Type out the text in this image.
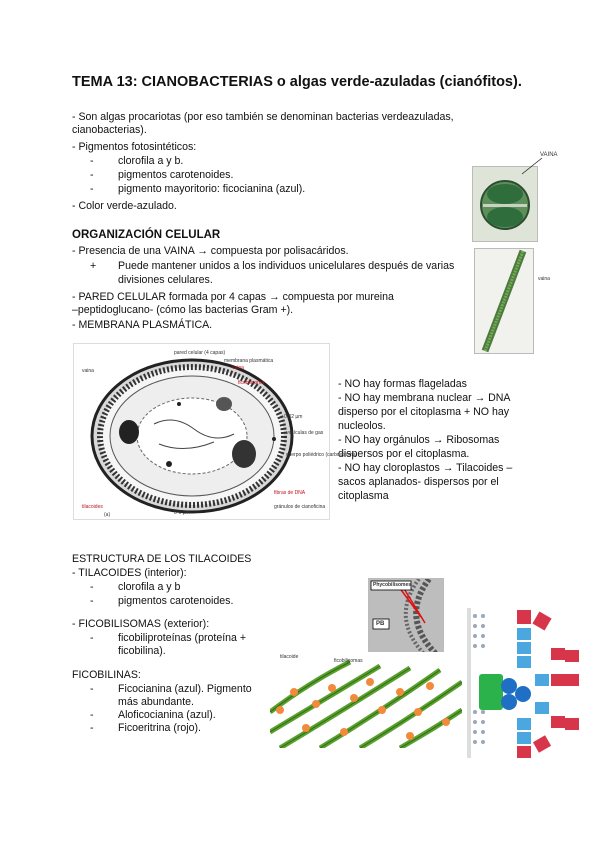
TEMA 13: CIANOBACTERIAS o algas verde-azuladas (cianófitos).
- Son algas procariotas (por eso también se denominan bacterias verdeazuladas,
cianobacterias).
- Pigmentos fotosintéticos:
- clorofila a y b.
- pigmentos carotenoides.
- pigmento mayoritorio: ficocianina (azul).
- Color verde-azulado.
ORGANIZACIÓN CELULAR
- Presencia de una VAINA → compuesta por polisacáridos.
+ Puede mantener unidos a los individuos unicelulares después de varias
divisiones celulares.
- PARED CELULAR formada por 4 capas → compuesta por mureina
–peptidoglucano- (cómo las bacterias Gram +).
- MEMBRANA PLASMÁTICA.
VAINA
vaina
pared celular (4 capas)
membrana plasmática
vaina
vaina
ficobilisoma
0·02 µm
vesículas de gas
cuerpo poliédrico (carboxisoma)
fibras de DNA
tilacoides	gránulos de cianoficina
0·5 µm
(a)
- NO hay formas flageladas
- NO hay membrana nuclear → DNA
disperso por el citoplasma + NO hay
nucleolos.
- NO hay orgánulos → Ribosomas
dispersos por el citoplasma.
- NO hay cloroplastos → Tilacoides –
sacos aplanados- dispersos por el
citoplasma
ESTRUCTURA DE LOS TILACOIDES
- TILACOIDES (interior):
- clorofila a y b
- pigmentos carotenoides.
- FICOBILISOMAS (exterior):
- ficobiliproteínas (proteína +
ficobilina).
FICOBILINAS:
- Ficocianina (azul). Pigmento
más abundante.
- Aloficocianina (azul).
- Ficoeritrina (rojo).
Phycobilisomes
PB
tilacoide
ficobilisomas
